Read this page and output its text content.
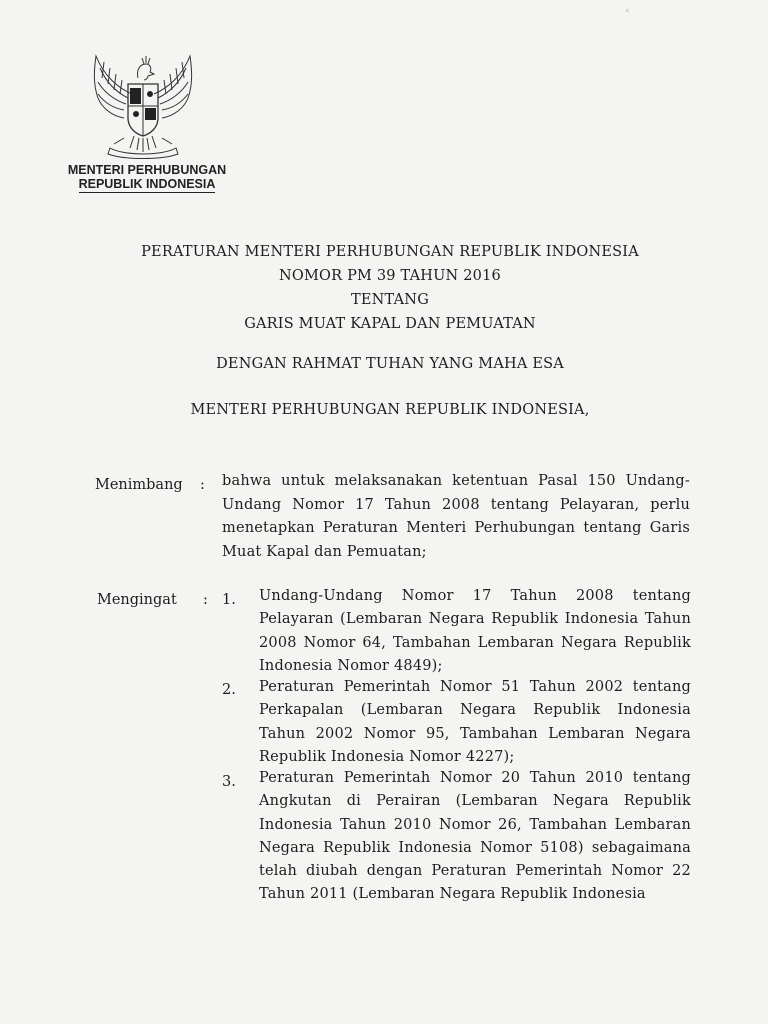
꜀
MENTERI PERHUBUNGAN
REPUBLIK INDONESIA
PERATURAN MENTERI PERHUBUNGAN REPUBLIK INDONESIA
NOMOR PM 39 TAHUN 2016
TENTANG
GARIS MUAT KAPAL DAN PEMUATAN
DENGAN RAHMAT TUHAN YANG MAHA ESA
MENTERI PERHUBUNGAN REPUBLIK INDONESIA,
Menimbang : bahwa untuk melaksanakan ketentuan Pasal 150 Undang-Undang Nomor 17 Tahun 2008 tentang Pelayaran, perlu menetapkan Peraturan Menteri Perhubungan tentang Garis Muat Kapal dan Pemuatan;
Mengingat : 1. Undang-Undang Nomor 17 Tahun 2008 tentang Pelayaran (Lembaran Negara Republik Indonesia Tahun 2008 Nomor 64, Tambahan Lembaran Negara Republik Indonesia Nomor 4849);
2. Peraturan Pemerintah Nomor 51 Tahun 2002 tentang Perkapalan (Lembaran Negara Republik Indonesia Tahun 2002 Nomor 95, Tambahan Lembaran Negara Republik Indonesia Nomor 4227);
3. Peraturan Pemerintah Nomor 20 Tahun 2010 tentang Angkutan di Perairan (Lembaran Negara Republik Indonesia Tahun 2010 Nomor 26, Tambahan Lembaran Negara Republik Indonesia Nomor 5108) sebagaimana telah diubah dengan Peraturan Pemerintah Nomor 22 Tahun 2011 (Lembaran Negara Republik Indonesia
